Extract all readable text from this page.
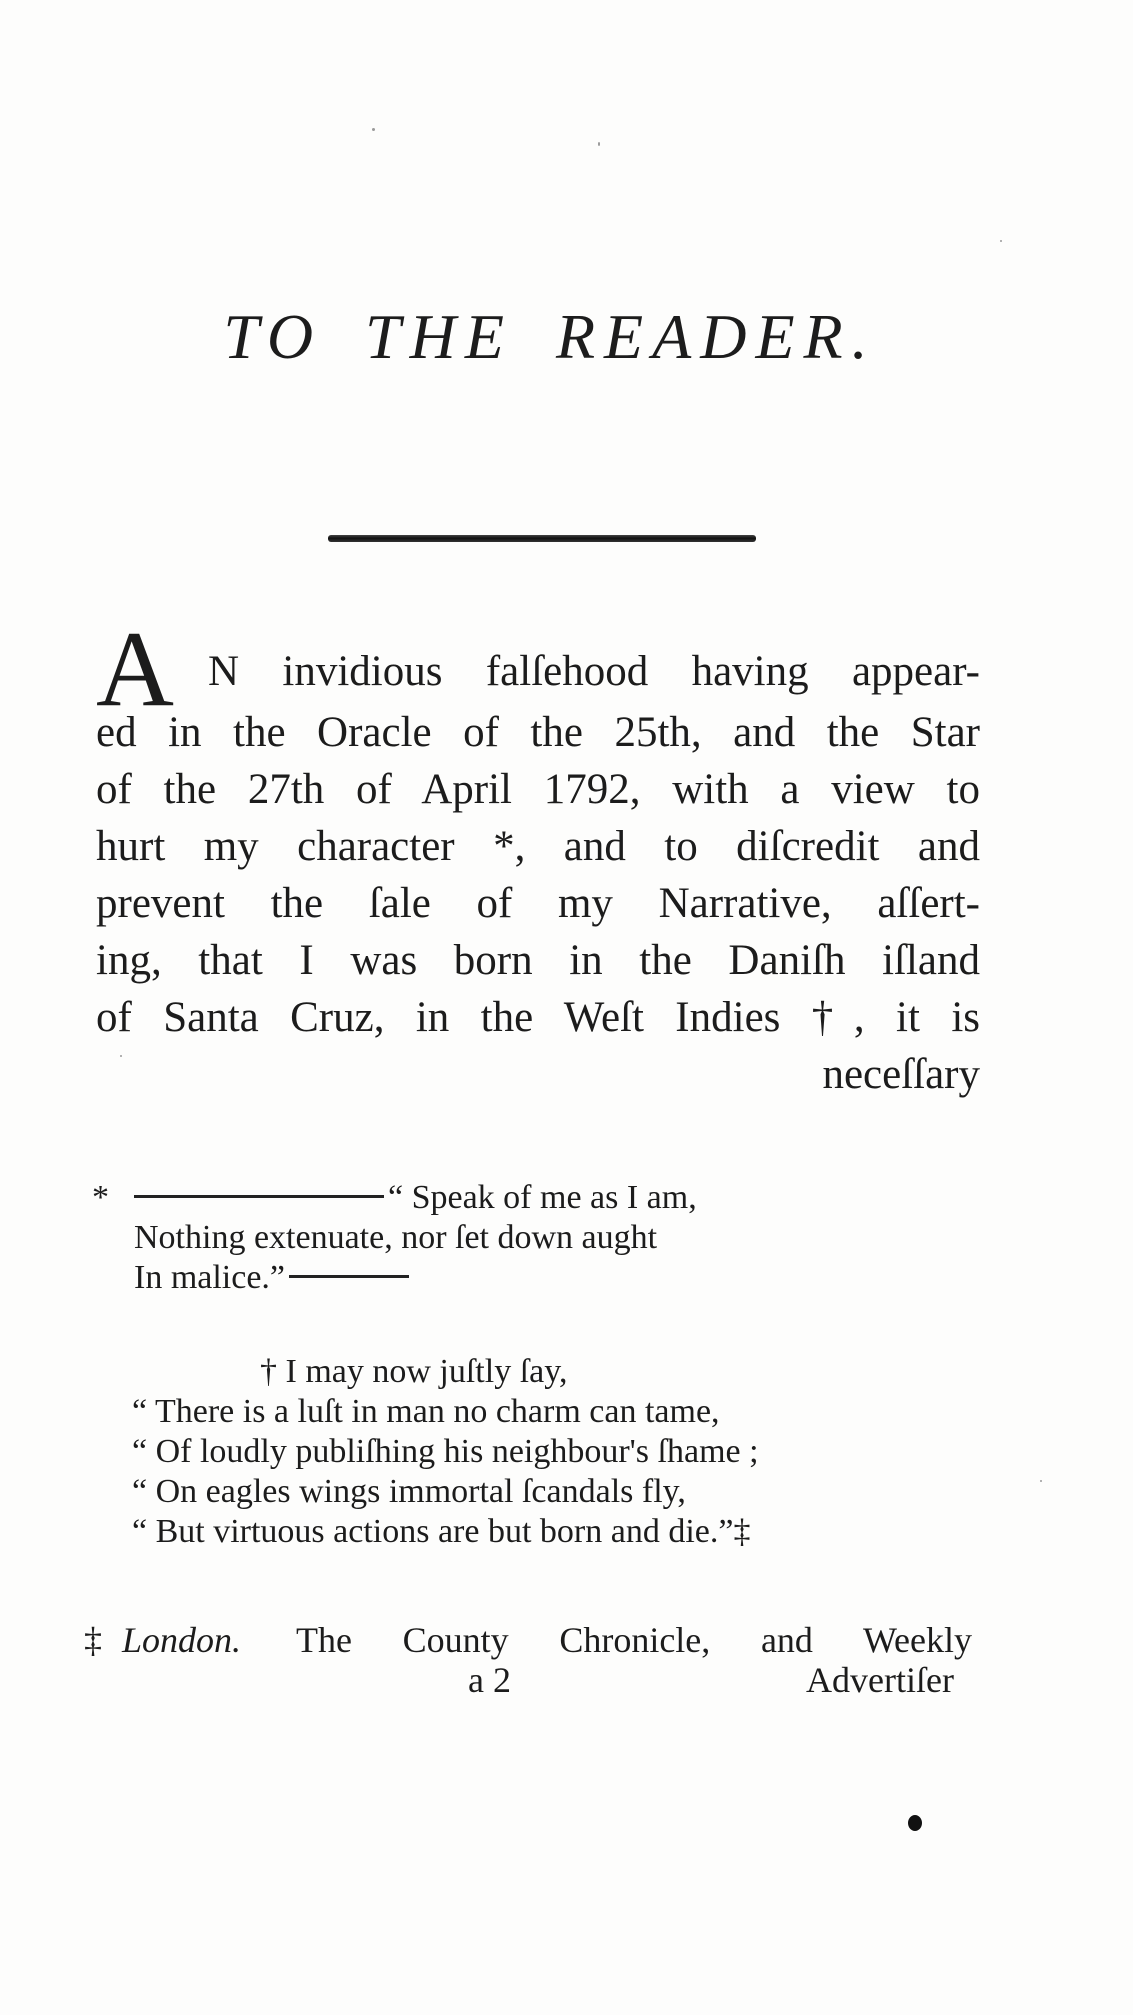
TO THE READER.
A N invidious falſehood having appear-
ed in the Oracle of the 25th, and the Star
of the 27th of April 1792, with a view to
hurt my character *, and to diſcredit and
prevent the ſale of my Narrative, aſſert-
ing, that I was born in the Daniſh iſland
of Santa Cruz, in the Weſt Indies †, it is
neceſſary
*	“ Speak of me as I am,
Nothing extenuate, nor ſet down aught
In malice.”
† I may now juſtly ſay,
“ There is a luſt in man no charm can tame,
“ Of loudly publiſhing his neighbour's ſhame ;
“ On eagles wings immortal ſcandals fly,
“ But virtuous actions are but born and die.”‡
‡ London. The County Chronicle, and Weekly
a 2	Advertiſer
